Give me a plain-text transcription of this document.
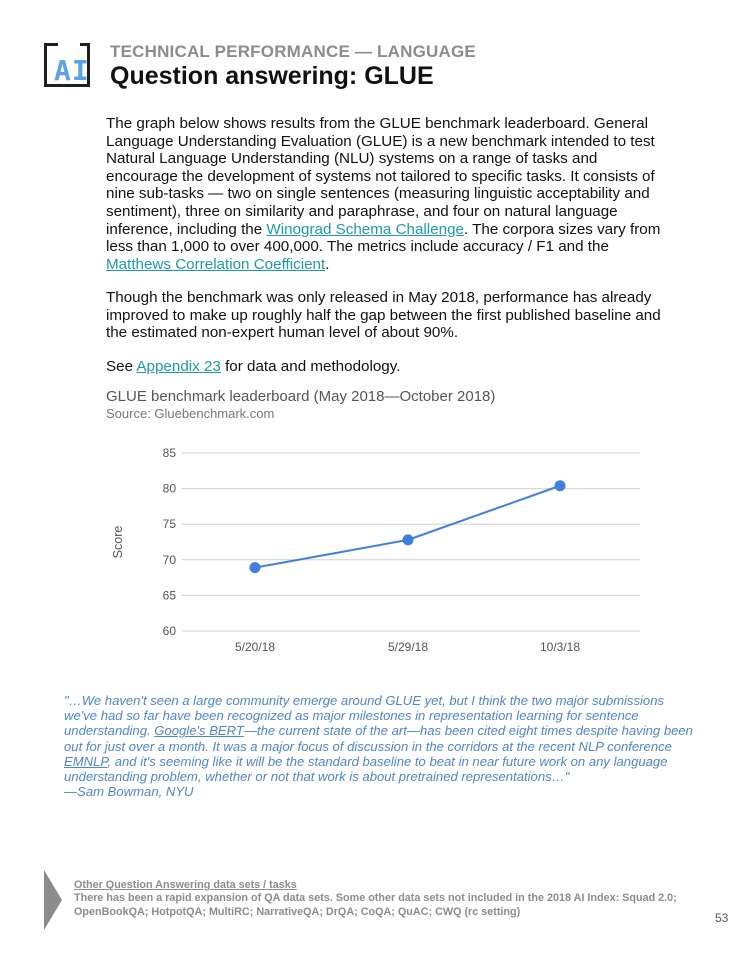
AI
TECHNICAL PERFORMANCE — LANGUAGE
Question answering: GLUE
The graph below shows results from the GLUE benchmark leaderboard. General Language Understanding Evaluation (GLUE) is a new benchmark intended to test Natural Language Understanding (NLU) systems on a range of tasks and encourage the development of systems not tailored to specific tasks. It consists of nine sub-tasks — two on single sentences (measuring linguistic acceptability and sentiment), three on similarity and paraphrase, and four on natural language inference, including the Winograd Schema Challenge. The corpora sizes vary from less than 1,000 to over 400,000. The metrics include accuracy / F1 and the Matthews Correlation Coefficient.
Though the benchmark was only released in May 2018, performance has already improved to make up roughly half the gap between the first published baseline and the estimated non-expert human level of about 90%.
See Appendix 23 for data and methodology.
GLUE benchmark leaderboard (May 2018—October 2018)
Source: Gluebenchmark.com
85
80
75
70
65
60
5/20/18	5/29/18	10/3/18
Score
"…We haven't seen a large community emerge around GLUE yet, but I think the two major submissions we've had so far have been recognized as major milestones in representation learning for sentence understanding. Google's BERT—the current state of the art—has been cited eight times despite having been out for just over a month. It was a major focus of discussion in the corridors at the recent NLP conference EMNLP, and it's seeming like it will be the standard baseline to beat in near future work on any language understanding problem, whether or not that work is about pretrained representations…"
—Sam Bowman, NYU
Other Question Answering data sets / tasks
There has been a rapid expansion of QA data sets. Some other data sets not included in the 2018 AI Index: Squad 2.0; OpenBookQA; HotpotQA; MultiRC; NarrativeQA; DrQA; CoQA; QuAC; CWQ (rc setting)	53
